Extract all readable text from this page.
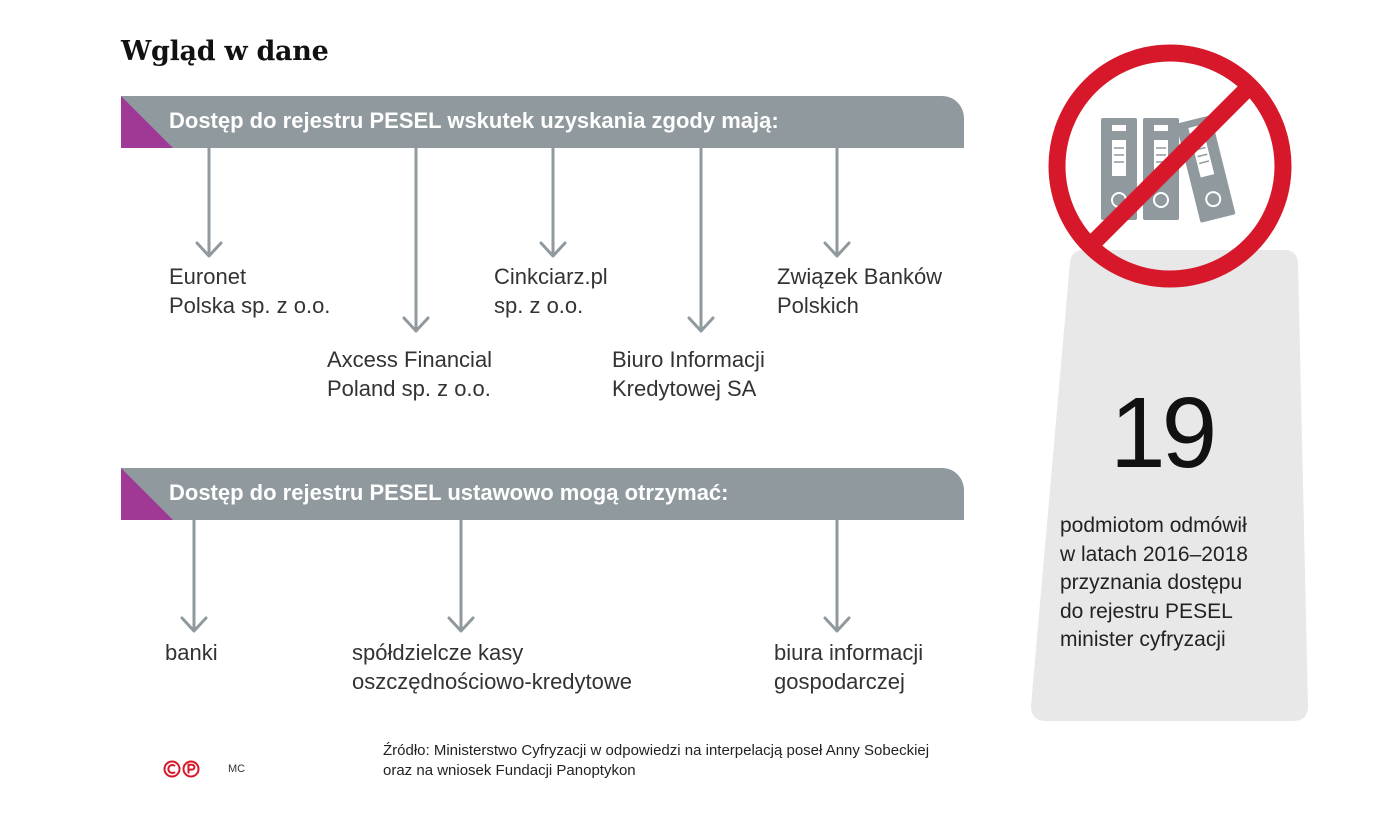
Wgląd w dane
19
podmiotom odmówił
w latach 2016–2018
przyznania dostępu
do rejestru PESEL
minister cyfryzacji
Dostęp do rejestru PESEL wskutek uzyskania zgody mają:
Dostęp do rejestru PESEL ustawowo mogą otrzymać:
Euronet
Polska sp. z o.o.
Axcess Financial
Poland sp. z o.o.
Cinkciarz.pl
sp. z o.o.
Biuro Informacji
Kredytowej SA
Związek Banków
Polskich
banki	spółdzielcze kasy
oszczędnościowo-kredytowe
biura informacji
gospodarczej
MC
Źródło: Ministerstwo Cyfryzacji w odpowiedzi na interpelacją poseł Anny Sobeckiej
oraz na wniosek Fundacji Panoptykon
